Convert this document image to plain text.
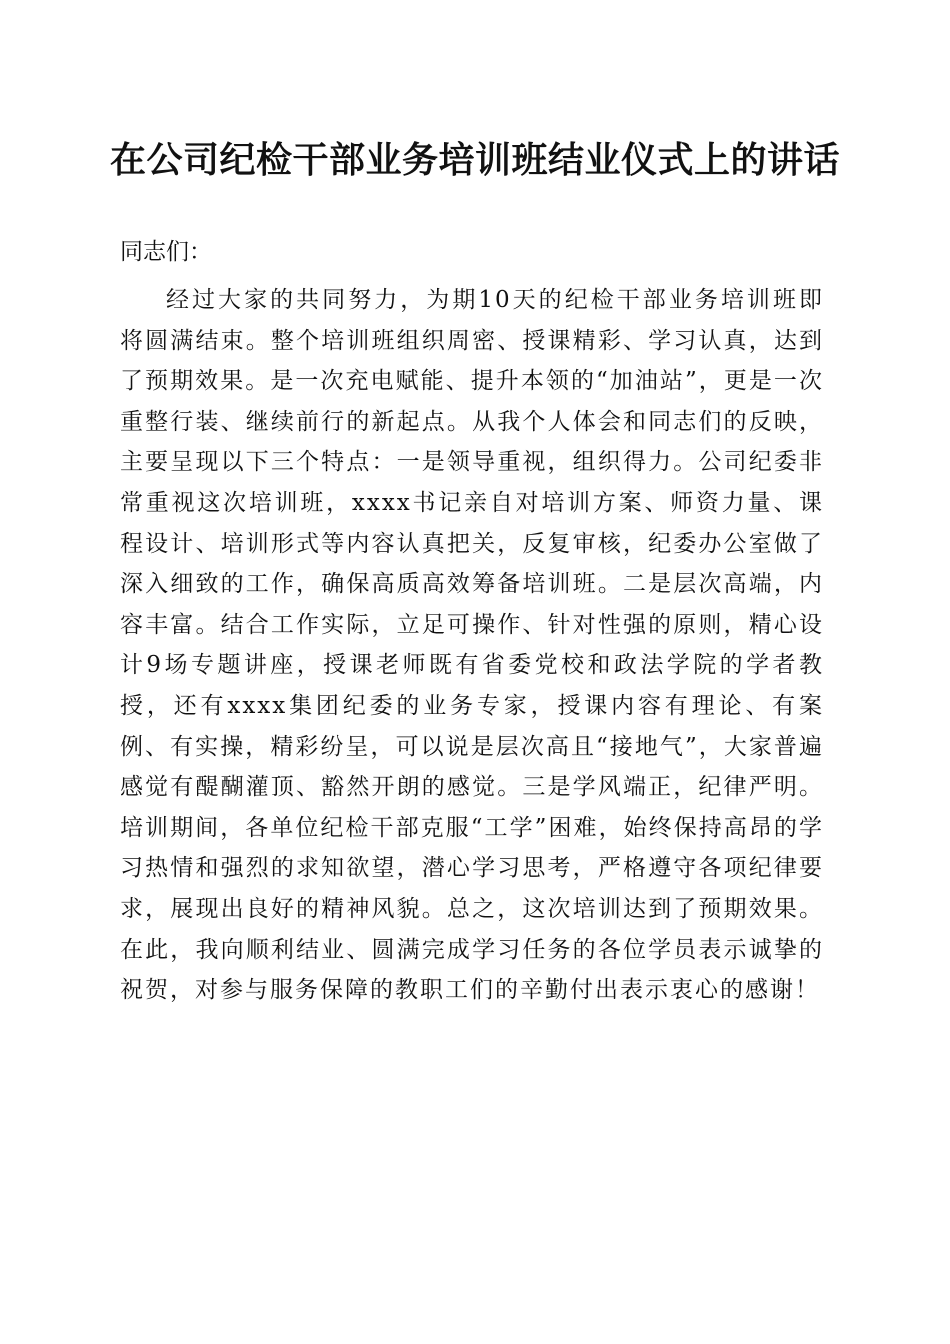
在公司纪检干部业务培训班结业仪式上的讲话

同志们：

经过大家的共同努力，为期10天的纪检干部业务培训班即将圆满结束。整个培训班组织周密、授课精彩、学习认真，达到了预期效果。是一次充电赋能、提升本领的“加油站”，更是一次重整行装、继续前行的新起点。从我个人体会和同志们的反映，主要呈现以下三个特点：一是领导重视，组织得力。公司纪委非常重视这次培训班，xxxx书记亲自对培训方案、师资力量、课程设计、培训形式等内容认真把关，反复审核，纪委办公室做了深入细致的工作，确保高质高效筹备培训班。二是层次高端，内容丰富。结合工作实际，立足可操作、针对性强的原则，精心设计9场专题讲座，授课老师既有省委党校和政法学院的学者教授，还有xxxx集团纪委的业务专家，授课内容有理论、有案例、有实操，精彩纷呈，可以说是层次高且“接地气”，大家普遍感觉有醍醐灌顶、豁然开朗的感觉。三是学风端正，纪律严明。培训期间，各单位纪检干部克服“工学”困难，始终保持高昂的学习热情和强烈的求知欲望，潜心学习思考，严格遵守各项纪律要求，展现出良好的精神风貌。总之，这次培训达到了预期效果。在此，我向顺利结业、圆满完成学习任务的各位学员表示诚挚的祝贺，对参与服务保障的教职工们的辛勤付出表示衷心的感谢！
